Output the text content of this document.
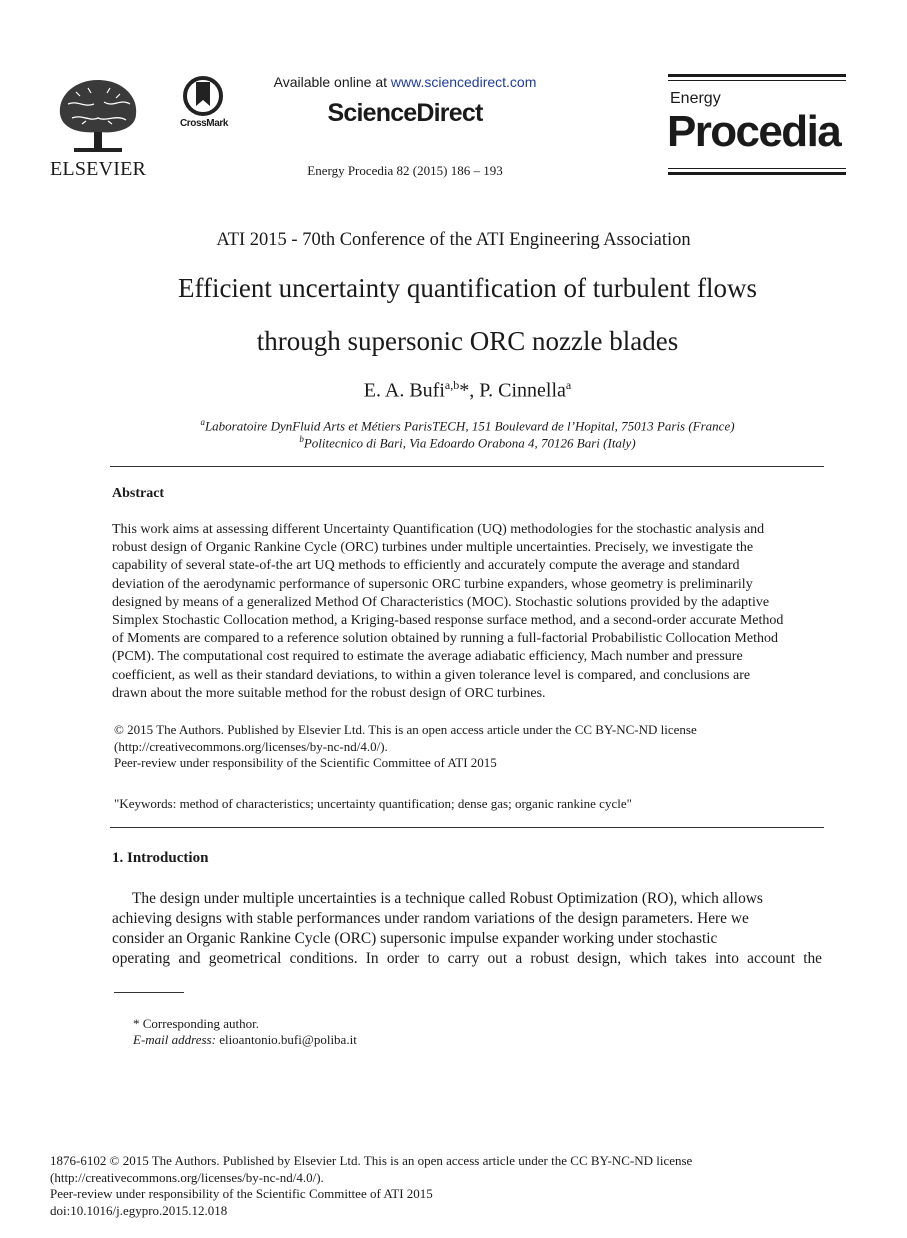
ELSEVIER
CrossMark
Available online at www.sciencedirect.com
ScienceDirect
Energy Procedia 82 (2015) 186 – 193
Energy
Procedia
ATI 2015 - 70th Conference of the ATI Engineering Association
Efficient uncertainty quantification of turbulent flows
through supersonic ORC nozzle blades
E. A. Bufi$^{a,b}$*, P. Cinnella$^a$
$^a$Laboratoire DynFluid Arts et Métiers ParisTECH, 151 Boulevard de l’Hopital, 75013 Paris (France)
$^b$Politecnico di Bari, Via Edoardo Orabona 4, 70126 Bari (Italy)
Abstract
This work aims at assessing different Uncertainty Quantification (UQ) methodologies for the stochastic analysis and
robust design of Organic Rankine Cycle (ORC) turbines under multiple uncertainties. Precisely, we investigate the
capability of several state-of-the art UQ methods to efficiently and accurately compute the average and standard
deviation of the aerodynamic performance of supersonic ORC turbine expanders, whose geometry is preliminarily
designed by means of a generalized Method Of Characteristics (MOC). Stochastic solutions provided by the adaptive
Simplex Stochastic Collocation method, a Kriging-based response surface method, and a second-order accurate Method
of Moments are compared to a reference solution obtained by running a full-factorial Probabilistic Collocation Method
(PCM). The computational cost required to estimate the average adiabatic efficiency, Mach number and pressure
coefficient, as well as their standard deviations, to within a given tolerance level is compared, and conclusions are
drawn about the more suitable method for the robust design of ORC turbines.
© 2015 The Authors. Published by Elsevier Ltd. This is an open access article under the CC BY-NC-ND license
(http://creativecommons.org/licenses/by-nc-nd/4.0/).
Peer-review under responsibility of the Scientific Committee of ATI 2015
"Keywords: method of characteristics; uncertainty quantification; dense gas; organic rankine cycle"
1. Introduction
The design under multiple uncertainties is a technique called Robust Optimization (RO), which allows
achieving designs with stable performances under random variations of the design parameters. Here we
consider an Organic Rankine Cycle (ORC) supersonic impulse expander working under stochastic
operating and geometrical conditions. In order to carry out a robust design, which takes into account the
* Corresponding author.
E-mail address: elioantonio.bufi@poliba.it
1876-6102 © 2015 The Authors. Published by Elsevier Ltd. This is an open access article under the CC BY-NC-ND license
(http://creativecommons.org/licenses/by-nc-nd/4.0/).
Peer-review under responsibility of the Scientific Committee of ATI 2015
doi:10.1016/j.egypro.2015.12.018
